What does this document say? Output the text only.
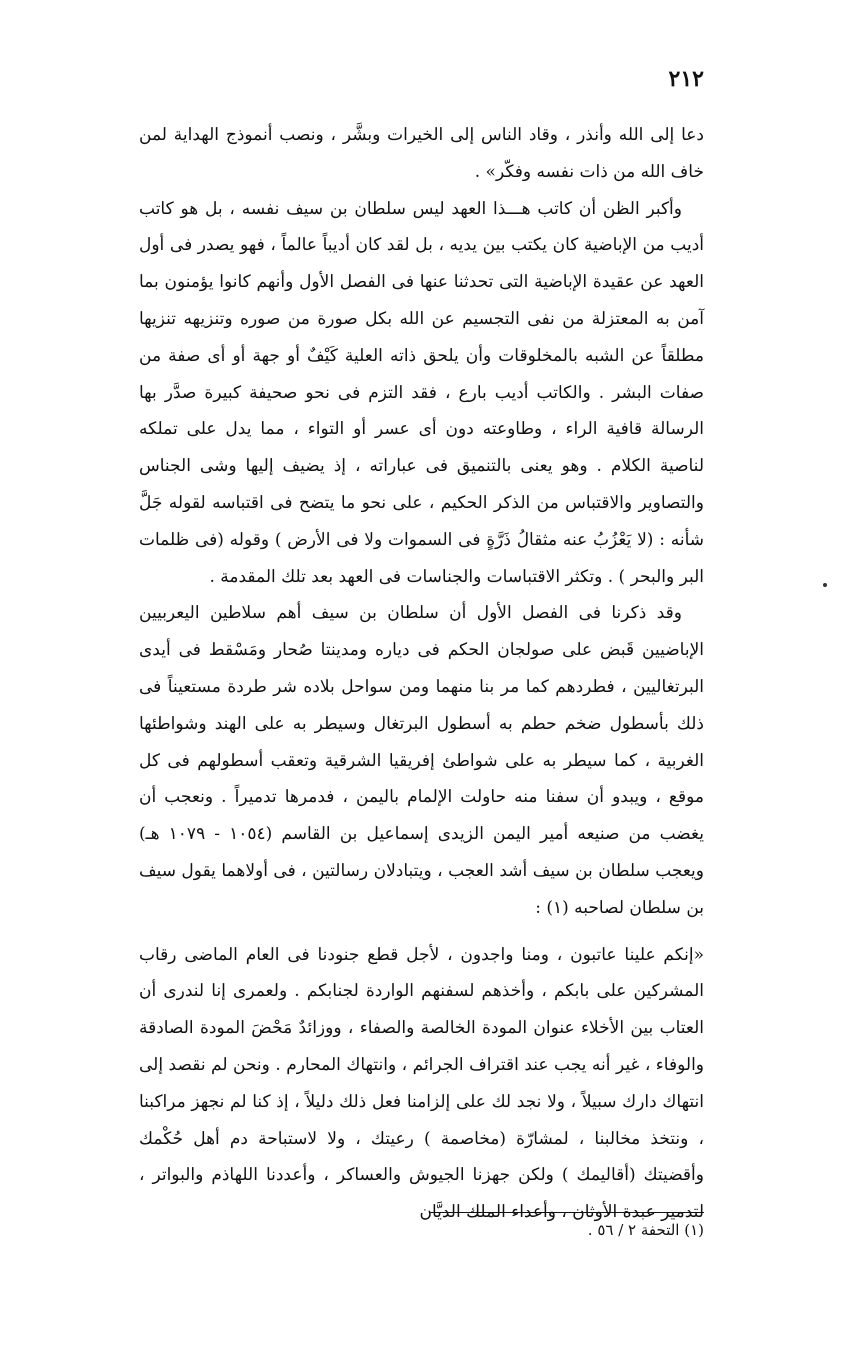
٢١٢

دعا إلى الله وأنذر ، وقاد الناس إلى الخيرات وبشَّر ، ونصب أنموذج الهداية لمن خاف الله من ذات نفسه وفكّر» .

وأكبر الظن أن كاتب هـــذا العهد ليس سلطان بن سيف نفسه ، بل هو كاتب أديب من الإباضية كان يكتب بين يديه ، بل لقد كان أديباً عالماً ، فهو يصدر فى أول العهد عن عقيدة الإباضية التى تحدثنا عنها فى الفصل الأول وأنهم كانوا يؤمنون بما آمن به المعتزلة من نفى التجسيم عن الله بكل صورة من صوره وتنزيهه تنزيها مطلقاً عن الشبه بالمخلوقات وأن يلحق ذاته العلية كَيْفٌ أو جهة أو أى صفة من صفات البشر . والكاتب أديب بارع ، فقد التزم فى نحو صحيفة كبيرة صدَّر بها الرسالة قافية الراء ، وطاوعته دون أى عسر أو التواء ، مما يدل على تملكه لناصية الكلام . وهو يعنى بالتنميق فى عباراته ، إذ يضيف إليها وشى الجناس والتصاوير والاقتباس من الذكر الحكيم ، على نحو ما يتضح فى اقتباسه لقوله جَلَّ شأنه : (لا يَعْزُبُ عنه مثقالُ ذَرَّةٍ فى السموات ولا فى الأرض ) وقوله (فى ظلمات البر والبحر ) . وتكثر الاقتباسات والجناسات فى العهد بعد تلك المقدمة .

وقد ذكرنا فى الفصل الأول أن سلطان بن سيف أهم سلاطين اليعربيين الإباضيين قَبض على صولجان الحكم فى دياره ومدينتا صُحار ومَسْقط فى أيدى البرتغاليين ، فطردهم كما مر بنا منهما ومن سواحل بلاده شر طردة مستعيناً فى ذلك بأسطول ضخم حطم به أسطول البرتغال وسيطر به على الهند وشواطئها الغربية ، كما سيطر به على شواطئ إفريقيا الشرقية وتعقب أسطولهم فى كل موقع ، ويبدو أن سفنا منه حاولت الإلمام باليمن ، فدمرها تدميراً . ونعجب أن يغضب من صنيعه أمير اليمن الزيدى إسماعيل بن القاسم (١٠٥٤ - ١٠٧٩ هـ) ويعجب سلطان بن سيف أشد العجب ، ويتبادلان رسالتين ، فى أولاهما يقول سيف بن سلطان لصاحبه (١) :

«إنكم علينا عاتبون ، ومنا واجدون ، لأجل قطع جنودنا فى العام الماضى رقاب المشركين على بابكم ، وأخذهم لسفنهم الواردة لجنابكم . ولعمرى إنا لندرى أن العتاب بين الأخلاء عنوان المودة الخالصة والصفاء ، ووزائدٌ مَحْضَ المودة الصادقة والوفاء ، غير أنه يجب عند اقتراف الجرائم ، وانتهاك المحارم . ونحن لم نقصد إلى انتهاك دارك سبيلاً ، ولا نجد لك على إلزامنا فعل ذلك دليلاً ، إذ كنا لم نجهز مراكبنا ، ونتخذ مخالبنا ، لمشارّة (مخاصمة ) رعيتك ، ولا لاستباحة دم أهل حُكْمك وأقضيتك (أقاليمك ) ولكن جهزنا الجيوش والعساكر ، وأعددنا اللهاذم والبواتر ، لتدمير عبدة الأوثان ، وأعداء الملك الديَّان

(١) التحفة ٢ / ٥٦ .
